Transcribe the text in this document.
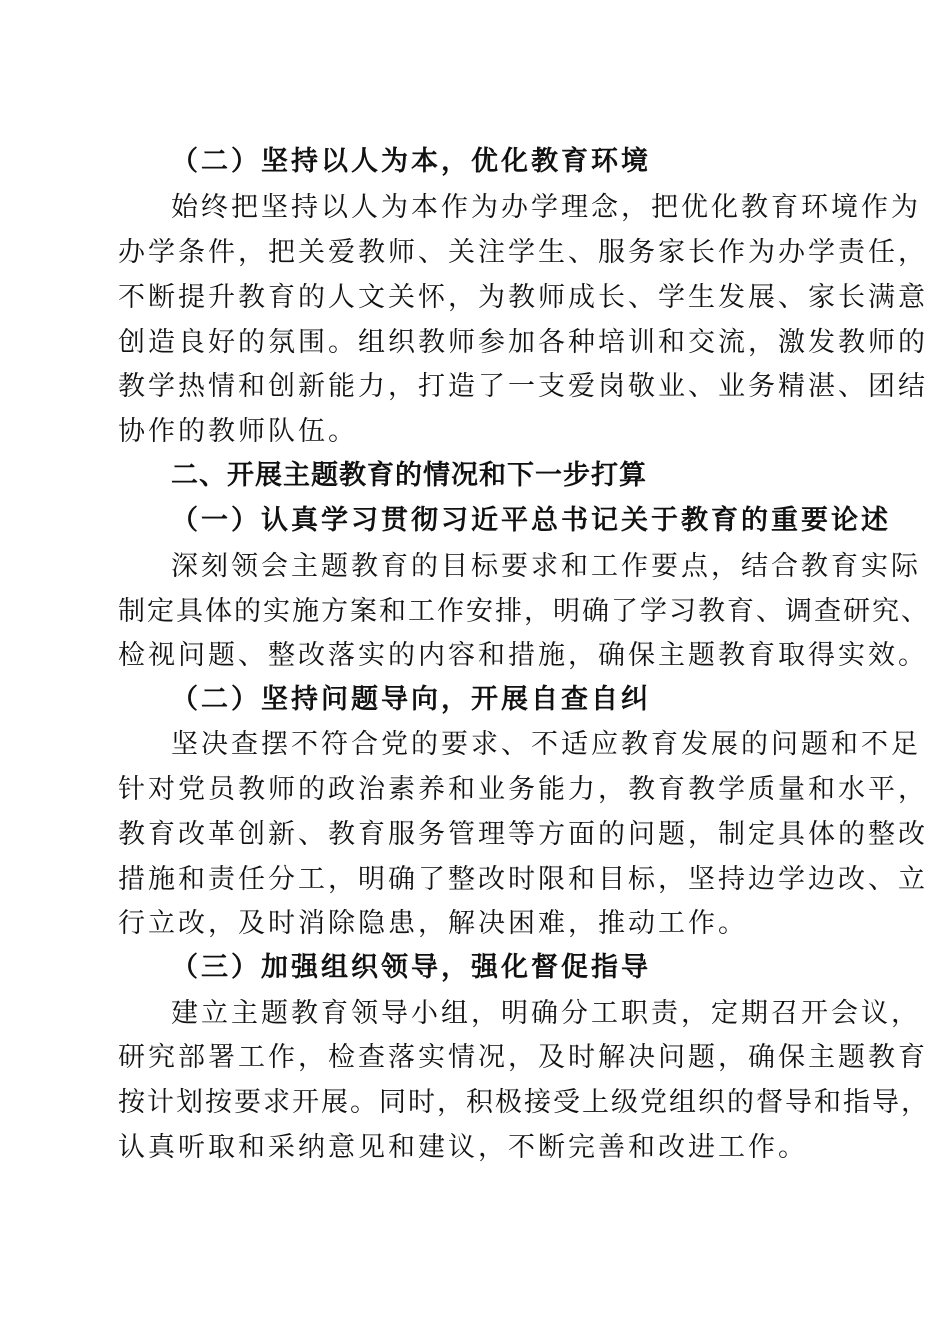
（二）坚持以人为本，优化教育环境
始终把坚持以人为本作为办学理念，把优化教育环境作为
办学条件，把关爱教师、关注学生、服务家长作为办学责任，
不断提升教育的人文关怀，为教师成长、学生发展、家长满意
创造良好的氛围。组织教师参加各种培训和交流，激发教师的
教学热情和创新能力，打造了一支爱岗敬业、业务精湛、团结
协作的教师队伍。
二、开展主题教育的情况和下一步打算
（一）认真学习贯彻习近平总书记关于教育的重要论述
深刻领会主题教育的目标要求和工作要点，结合教育实际
制定具体的实施方案和工作安排，明确了学习教育、调查研究、
检视问题、整改落实的内容和措施，确保主题教育取得实效。
（二）坚持问题导向，开展自查自纠
坚决查摆不符合党的要求、不适应教育发展的问题和不足
针对党员教师的政治素养和业务能力，教育教学质量和水平，
教育改革创新、教育服务管理等方面的问题，制定具体的整改
措施和责任分工，明确了整改时限和目标，坚持边学边改、立
行立改，及时消除隐患，解决困难，推动工作。
（三）加强组织领导，强化督促指导
建立主题教育领导小组，明确分工职责，定期召开会议，
研究部署工作，检查落实情况，及时解决问题，确保主题教育
按计划按要求开展。同时，积极接受上级党组织的督导和指导，
认真听取和采纳意见和建议，不断完善和改进工作。
